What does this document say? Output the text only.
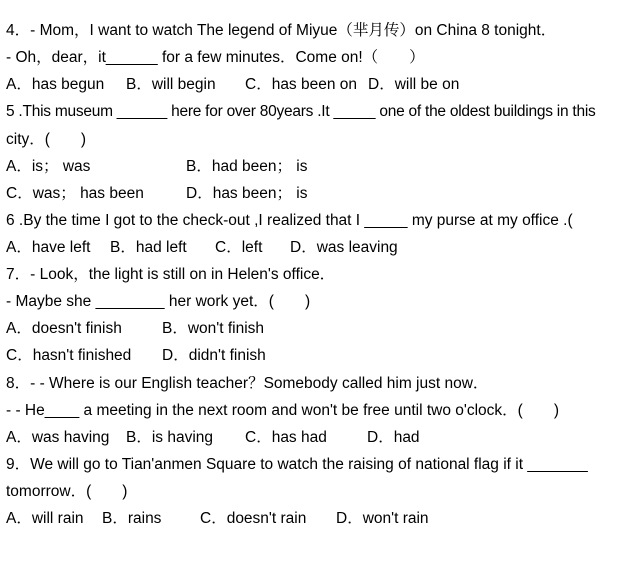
4．- Mom，I want to watch The legend of Miyue（芈月传）on China 8 tonight．
- Oh，dear，it______ for a few minutes．Come on!（　　）
A．has begun B．will begin C．has been on D．will be on
5 .This museum ______ here for over 80years .It _____ one of the oldest buildings in this
city．(　　)
A．is； was	B．had been； is
C．was； has been	D．has been； is
6 .By the time I got to the check-out ,I realized that I _____ my purse at my office .(
A．have left B．had left C．left D．was leaving
7．- Look，the light is still on in Helen's office．
- Maybe she ________ her work yet．(　　)
A．doesn't finish	B．won't finish
C．hasn't finished D．didn't finish
8．- - Where is our English teacher？Somebody called him just now．
- - He____ a meeting in the next room and won't be free until two o'clock．(　　)
A．was having B．is having C．has had	D．had
9．We will go to Tian'anmen Square to watch the raising of national flag if it _______
tomorrow．(　　)
A．will rain B．rains C．doesn't rain D．won't rain
